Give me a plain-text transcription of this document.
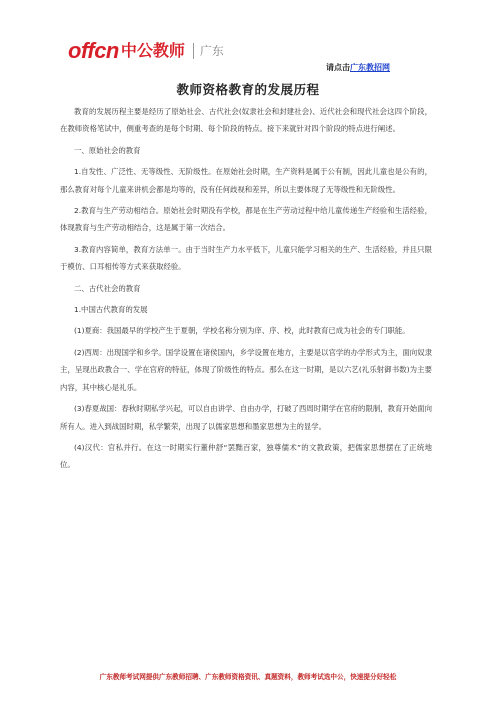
offcn 中公教师 广东
请点击广东教招网
教师资格教育的发展历程

教育的发展历程主要是经历了原始社会、古代社会(奴隶社会和封建社会)、近代社会和现代社会这四个阶段，在教师资格笔试中，侧重考查的是每个时期、每个阶段的特点。接下来就针对四个阶段的特点进行阐述。

一、原始社会的教育

1.自发性、广泛性、无等级性、无阶级性。在原始社会时期，生产资料是属于公有制，因此儿童也是公有的，那么教育对每个儿童来讲机会都是均等的，没有任何歧视和差异，所以主要体现了无等级性和无阶级性。

2.教育与生产劳动相结合。原始社会时期没有学校，都是在生产劳动过程中给儿童传递生产经验和生活经验，体现教育与生产劳动相结合，这是属于第一次结合。

3.教育内容简单，教育方法单一。由于当时生产力水平低下，儿童只能学习相关的生产、生活经验，并且只限于模仿、口耳相传等方式来获取经验。

二、古代社会的教育

1.中国古代教育的发展

(1)夏商：我国最早的学校产生于夏朝，学校名称分别为庠、序、校，此时教育已成为社会的专门职能。

(2)西周：出现国学和乡学。国学设置在诸侯国内，乡学设置在地方，主要是以官学的办学形式为主，面向奴隶主，呈现出政教合一、学在官府的特征，体现了阶级性的特点。那么在这一时期，是以六艺(礼乐射御书数)为主要内容，其中核心是礼乐。

(3)春夏战国：春秋时期私学兴起，可以自由讲学、自由办学，打破了西周时期学在官府的限制，教育开始面向所有人。进入到战国时期，私学繁荣，出现了以儒家思想和墨家思想为主的显学。

(4)汉代：官私并行。在这一时期实行董仲舒“罢黜百家，独尊儒术”的文教政策，把儒家思想摆在了正统地位。

广东教师考试网提供广东教师招聘、广东教师资格资讯、真题资料，教师考试选中公，快速提分好轻松
